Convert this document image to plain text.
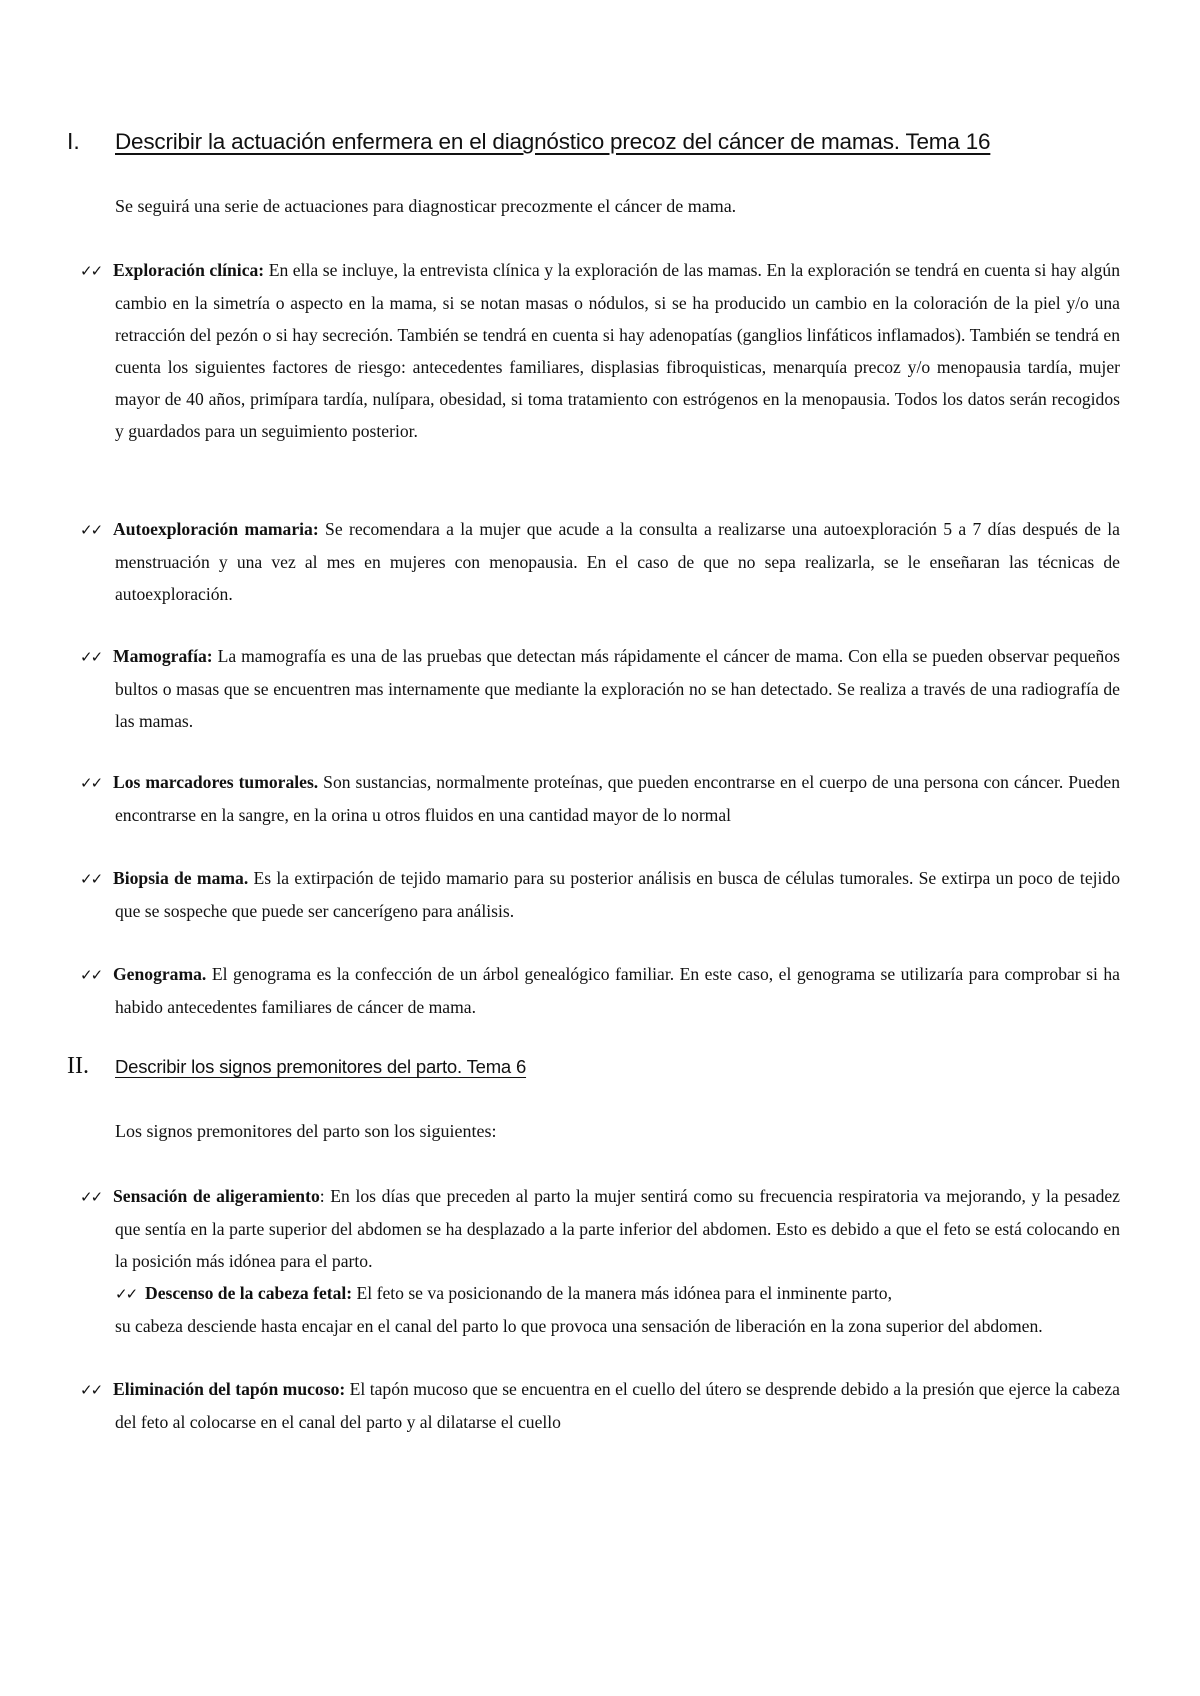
I.	Describir la actuación enfermera en el diagnóstico precoz del cáncer de mamas. Tema 16
Se seguirá una serie de actuaciones para diagnosticar precozmente el cáncer de mama.

✓✓ Exploración clínica: En ella se incluye, la entrevista clínica y la exploración de las mamas. En la exploración se tendrá en cuenta si hay algún cambio en la simetría o aspecto en la mama, si se notan masas o nódulos, si se ha producido un cambio en la coloración de la piel y/o una retracción del pezón o si hay secreción. También se tendrá en cuenta si hay adenopatías (ganglios linfáticos inflamados). También se tendrá en cuenta los siguientes factores de riesgo: antecedentes familiares, displasias fibroquisticas, menarquía precoz y/o menopausia tardía, mujer mayor de 40 años, primípara tardía, nulípara, obesidad, si toma tratamiento con estrógenos en la menopausia. Todos los datos serán recogidos y guardados para un seguimiento posterior.

✓✓ Autoexploración mamaria: Se recomendara a la mujer que acude a la consulta a realizarse una autoexploración 5 a 7 días después de la menstruación y una vez al mes en mujeres con menopausia. En el caso de que no sepa realizarla, se le enseñaran las técnicas de autoexploración.

✓✓ Mamografía: La mamografía es una de las pruebas que detectan más rápidamente el cáncer de mama. Con ella se pueden observar pequeños bultos o masas que se encuentren mas internamente que mediante la exploración no se han detectado. Se realiza a través de una radiografía de las mamas.

✓✓ Los marcadores tumorales. Son sustancias, normalmente proteínas, que pueden encontrarse en el cuerpo de una persona con cáncer. Pueden encontrarse en la sangre, en la orina u otros fluidos en una cantidad mayor de lo normal

✓✓ Biopsia de mama. Es la extirpación de tejido mamario para su posterior análisis en busca de células tumorales. Se extirpa un poco de tejido que se sospeche que puede ser cancerígeno para análisis.

✓✓ Genograma. El genograma es la confección de un árbol genealógico familiar. En este caso, el genograma se utilizaría para comprobar si ha habido antecedentes familiares de cáncer de mama.

II.	Describir los signos premonitores del parto. Tema 6
Los signos premonitores del parto son los siguientes:

✓✓ Sensación de aligeramiento: En los días que preceden al parto la mujer sentirá como su frecuencia respiratoria va mejorando, y la pesadez que sentía en la parte superior del abdomen se ha desplazado a la parte inferior del abdomen. Esto es debido a que el feto se está colocando en la posición más idónea para el parto.

✓✓ Descenso de la cabeza fetal: El feto se va posicionando de la manera más idónea para el inminente parto,

su cabeza desciende hasta encajar en el canal del parto lo que provoca una sensación de liberación en la zona superior del abdomen.

✓✓ Eliminación del tapón mucoso: El tapón mucoso que se encuentra en el cuello del útero se desprende debido a la presión que ejerce la cabeza del feto al colocarse en el canal del parto y al dilatarse el cuello
